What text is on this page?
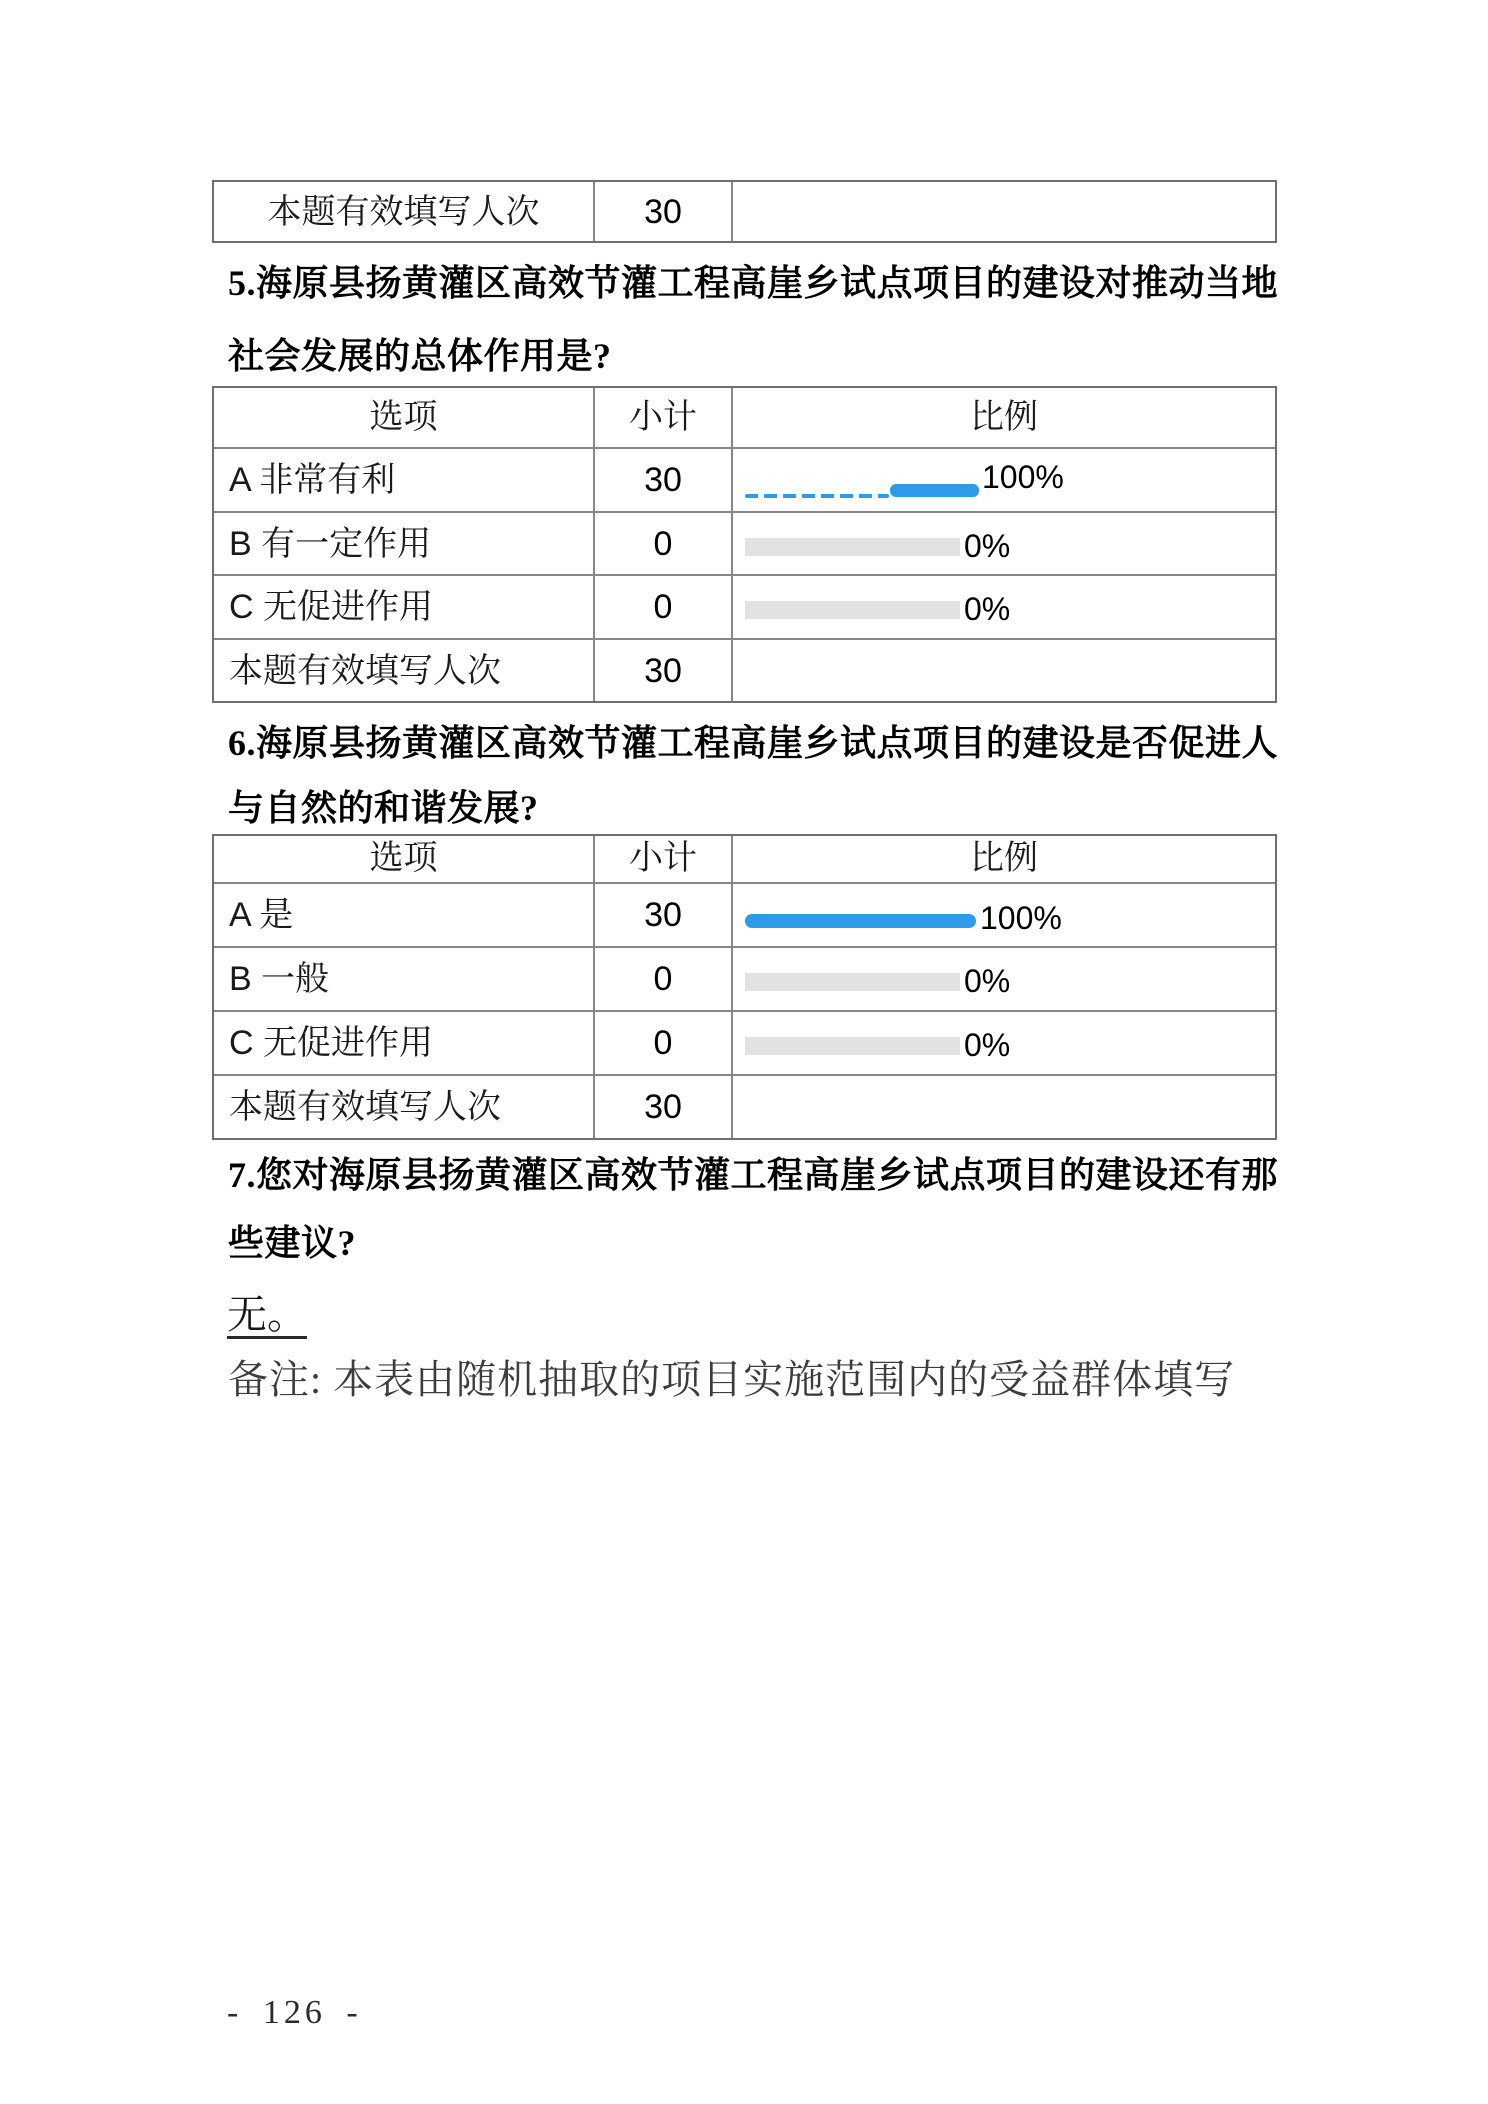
本题有效填写人次	30
5.海原县扬黄灌区高效节灌工程高崖乡试点项目的建设对推动当地
社会发展的总体作用是?
选项	小计	比例
A 非常有利	30	100%
B 有一定作用	0	0%
C 无促进作用	0	0%
本题有效填写人次	30
6.海原县扬黄灌区高效节灌工程高崖乡试点项目的建设是否促进人
与自然的和谐发展?
选项	小计	比例
A 是	30	100%
B 一般	0	0%
C 无促进作用	0	0%
本题有效填写人次	30
7.您对海原县扬黄灌区高效节灌工程高崖乡试点项目的建设还有那
些建议?
无。
备注: 本表由随机抽取的项目实施范围内的受益群体填写
- 126 -
